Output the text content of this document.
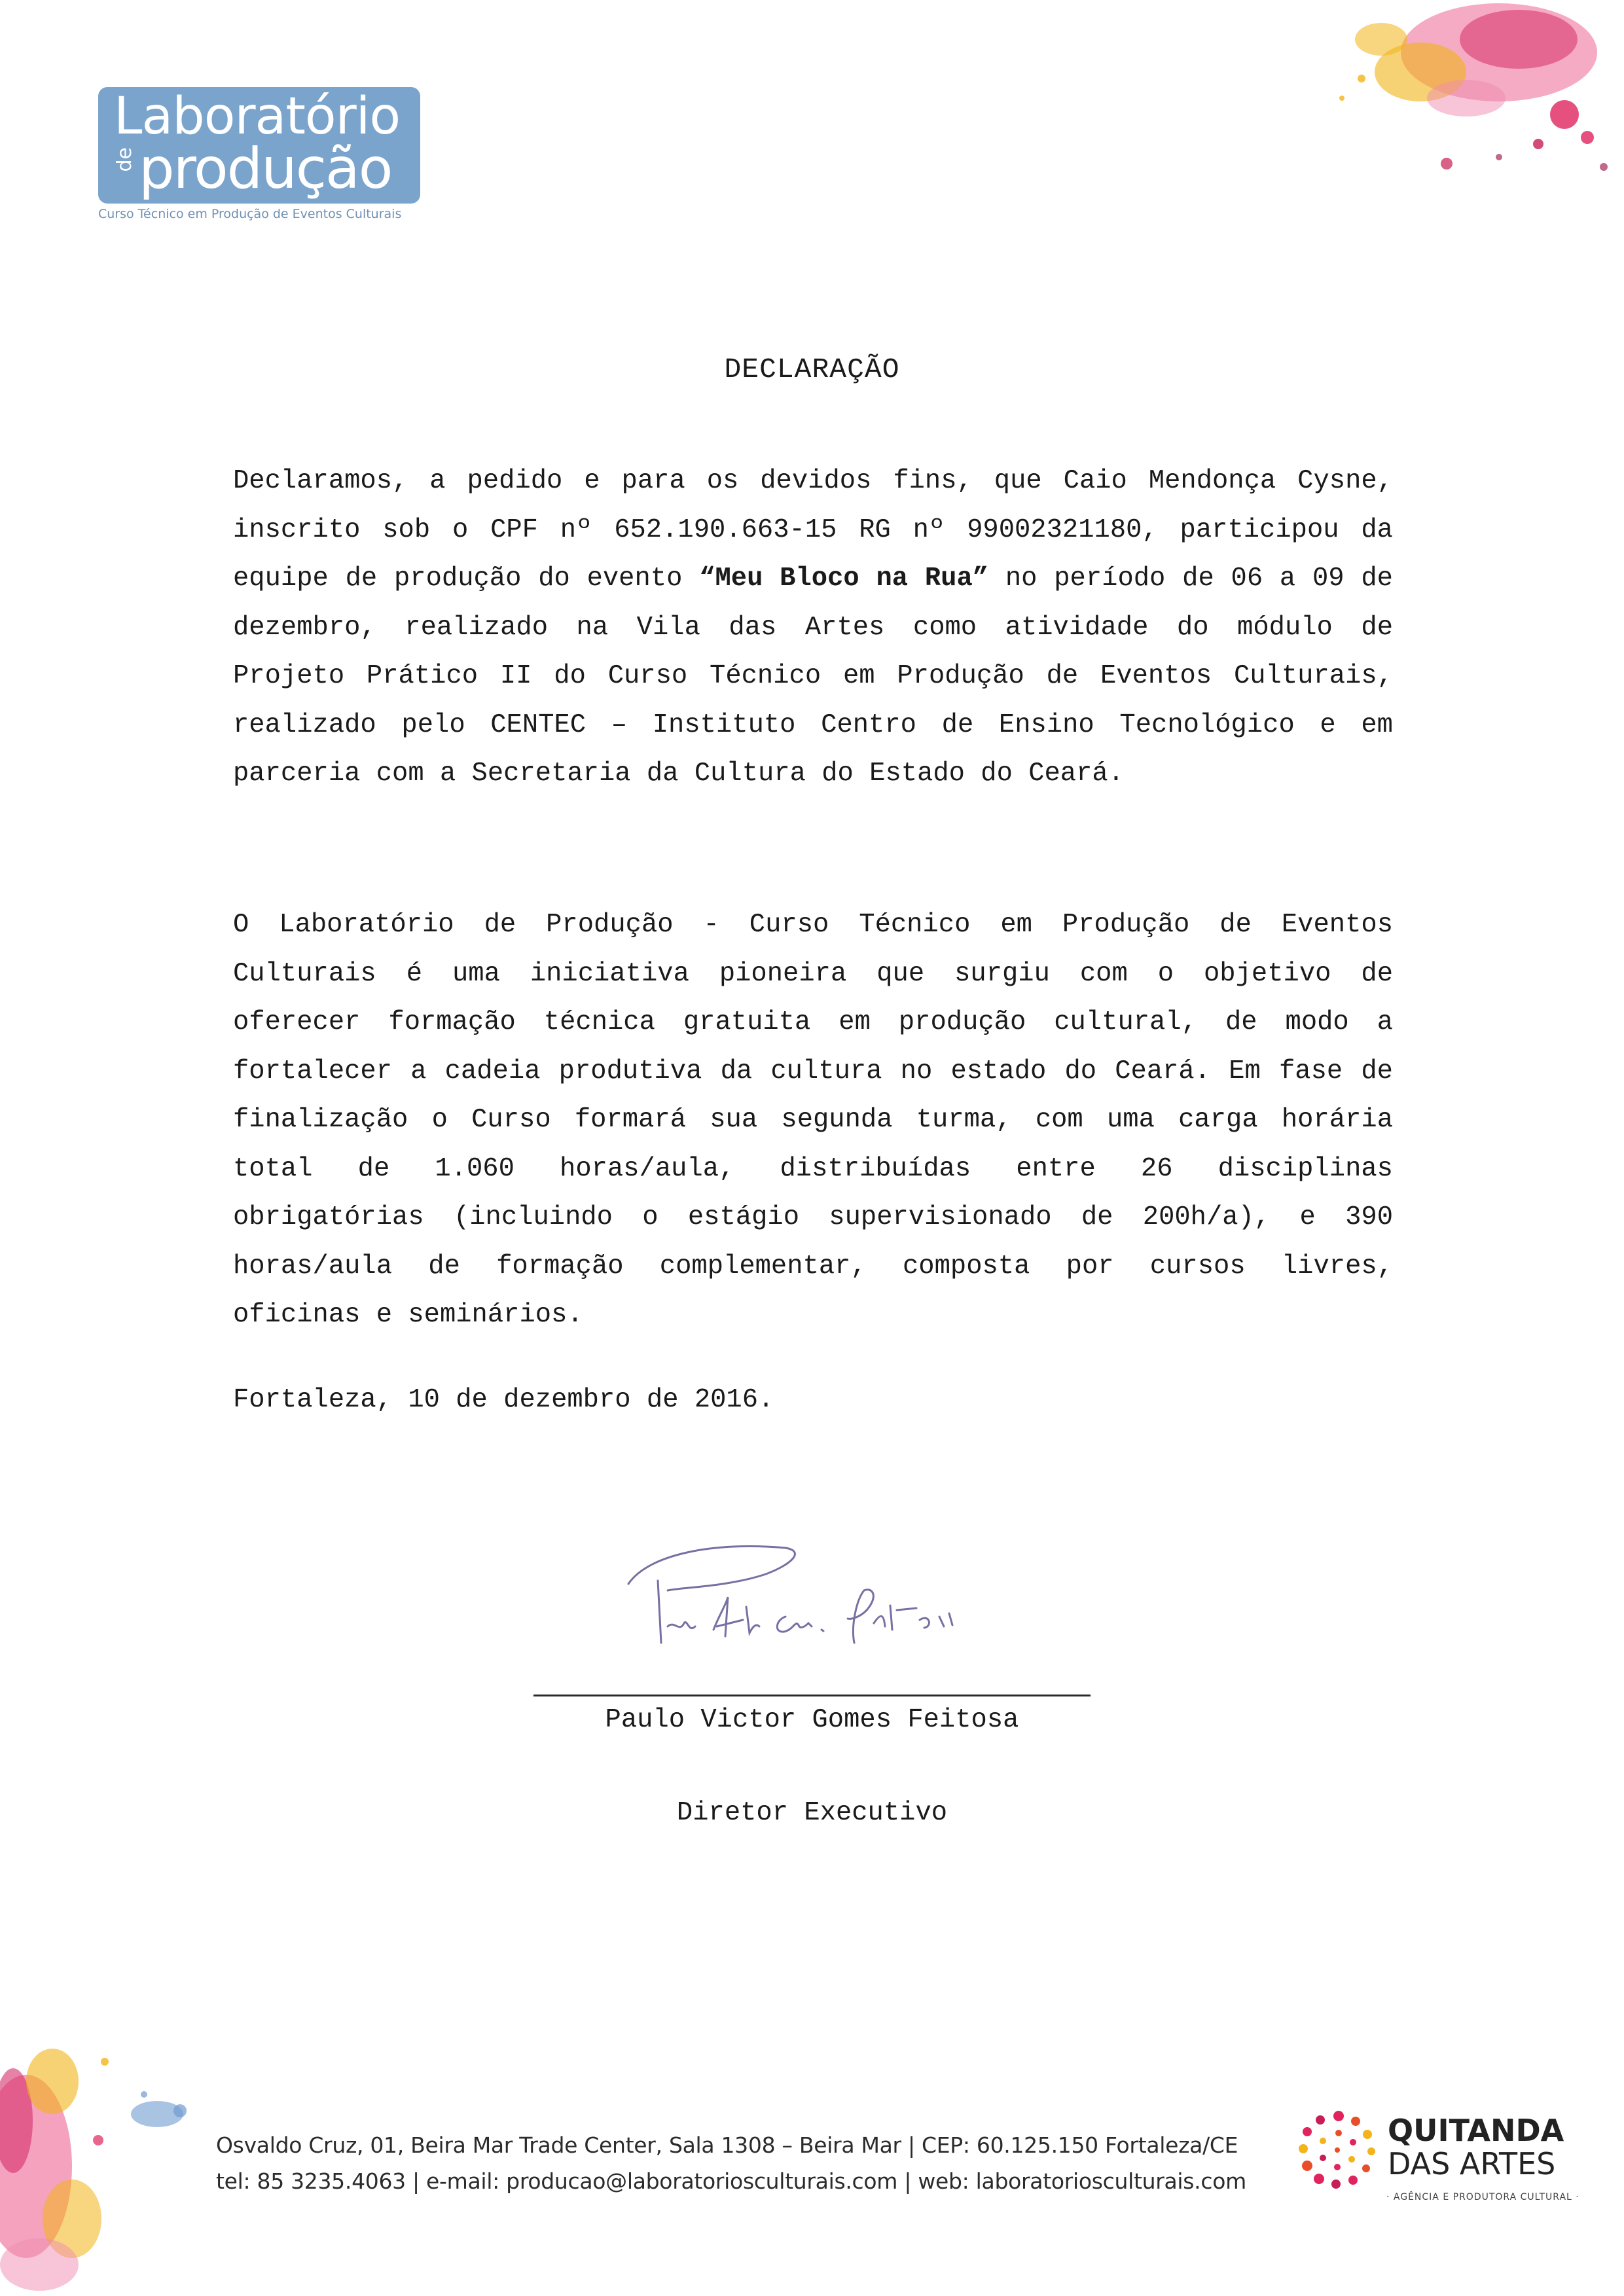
Laboratório
de produção
Curso Técnico em Produção de Eventos Culturais
DECLARAÇÃO

Declaramos, a pedido e para os devidos fins, que Caio Mendonça Cysne, inscrito sob o CPF nº 652.190.663-15 RG nº 99002321180, participou da equipe de produção do evento “Meu Bloco na Rua” no período de 06 a 09 de dezembro, realizado na Vila das Artes como atividade do módulo de Projeto Prático II do Curso Técnico em Produção de Eventos Culturais, realizado pelo CENTEC – Instituto Centro de Ensino Tecnológico e em parceria com a Secretaria da Cultura do Estado do Ceará.

O Laboratório de Produção - Curso Técnico em Produção de Eventos Culturais é uma iniciativa pioneira que surgiu com o objetivo de oferecer formação técnica gratuita em produção cultural, de modo a fortalecer a cadeia produtiva da cultura no estado do Ceará. Em fase de finalização o Curso formará sua segunda turma, com uma carga horária total de 1.060 horas/aula, distribuídas entre 26 disciplinas obrigatórias (incluindo o estágio supervisionado de 200h/a), e 390 horas/aula de formação complementar, composta por cursos livres, oficinas e seminários.

Fortaleza, 10 de dezembro de 2016.
Paulo Victor Gomes Feitosa
Diretor Executivo
Osvaldo Cruz, 01, Beira Mar Trade Center, Sala 1308 – Beira Mar | CEP: 60.125.150 Fortaleza/CE
tel: 85 3235.4063 | e-mail: producao@laboratoriosculturais.com | web: laboratoriosculturais.com
QUITANDA
DAS ARTES
· AGÊNCIA E PRODUTORA CULTURAL ·
